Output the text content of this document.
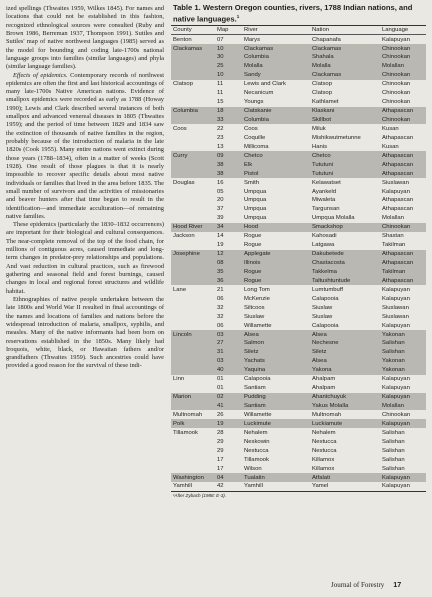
ized spellings (Thwaites 1959, Wilkes 1845). For names and locations that could not be established in this fashion, recognized ethnological sources were consulted (Ruby and Brown 1986, Berreman 1937, Thompson 1991). Suttles and Suttles' map of native northwest languages (1985) served as the model for bounding and coding late-1700s national language groups into families (similar languages) and phyla (similar language families).

Effects of epidemics. Contemporary records of northwest epidemics are often the first and last historical accountings of many late-1700s Native American nations. Evidence of smallpox epidemics were recorded as early as 1788 (Howay 1990); Lewis and Clark described several instances of both smallpox and advanced venereal diseases in 1805 (Thwaites 1959); and the period of time between 1829 and 1834 saw the extinction of thousands of native families in the region, probably because of the introduction of malaria in the late 1820s (Cook 1955). Many entire nations went extinct during those years (1788–1834), often in a matter of weeks (Scott 1928). One result of those plagues is that it is nearly impossible to recover specific details about most native individuals or families that lived in the area before 1835. The small number of survivors and the activities of missionaries and beaver hunters after that time began to result in the identification—and immediate acculturation—of remaining native families.

These epidemics (particularly the 1830–1832 occurrences) are important for their biological and cultural consequences. The near-complete removal of the top of the food chain, for millions of contiguous acres, caused immediate and long-term changes in predator-prey relationships and populations. And vast reduction in cultural practices, such as firewood gathering and seasonal field and forest burnings, caused changes in local and regional forest structures and wildlife habitat.

Ethnographies of native people undertaken between the late 1800s and World War II resulted in final accountings of the names and locations of families and nations before the widespread introduction of malaria, smallpox, syphilis, and measles. Many of the native informants had been born on reservations established in the 1850s. Many likely had Iroquois, white, black, or Hawaiian fathers and/or grandfathers (Thwaites 1959). Such ancestries could have provided a good reason for the survival of these indi-

Table 1. Western Oregon counties, rivers, 1788 Indian nations, and native languages.$^1$
County	Map	River	Nation	Language
Benton	07	Marys	Chapanafa	Kalapuyan
Clackamas	10	Clackamas	Clackamas	Chinookan
	30	Columbia	Shahala	Chinookan
	25	Molalla	Molalla	Molallan
	10	Sandy	Clackamas	Chinookan
Clatsop	11	Lewis and Clark	Clatsop	Chinookan
	11	Necanicum	Clatsop	Chinookan
	15	Youngs	Kathlamet	Chinookan
Columbia	18	Clatskanie	Klaskani	Athapascan
	33	Columbia	Skillbot	Chinookan
Coos	22	Coos	Miluk	Kusan
	23	Coquille	Mishikwutmetunne	Athapascan
	13	Millicoma	Hanis	Kusan
Curry	09	Chetco	Chetco	Athapascan
	38	Elk	Tututuni	Athapascan
	38	Pistol	Tututuni	Athapascan
Douglas	16	Smith	Kelawatset	Siuslawan
	05	Umpqua	Ayankeld	Kalapuyan
	20	Umpqua	Miwaleta	Athapascan
	37	Umpqua	Targunsan	Athapascan
	39	Umpqua	Umpqua Molalla	Molallan
Hood River	34	Hood	Smackshop	Chinookan
Jackson	14	Rogue	Kahosadi	Shastan
	19	Rogue	Latgawa	Takilman
Josephine	12	Applegate	Dakubetede	Athapascan
	08	Illinois	Chastacosta	Athapascan
	35	Rogue	Takkelma	Takilman
	36	Rogue	Taltushtuntude	Athapascan
Lane	21	Long Tom	Lumtumbuff	Kalapuyan
	06	McKenzie	Calapooia	Kalapuyan
	32	Siltcoos	Siuslaw	Siuslawan
	32	Siuslaw	Siuslaw	Siuslawan
	06	Willamette	Calapooia	Kalapuyan
Lincoln	03	Alsea	Alsea	Yakonan
	27	Salmon	Nechesne	Salishan
	31	Siletz	Siletz	Salishan
	03	Yachats	Alsea	Yakonan
	40	Yaquina	Yakona	Yakonan
Linn	01	Calapooia	Ahalpam	Kalapuyan
	01	Santiam	Ahalpam	Kalapuyan
Marion	02	Pudding	Ahantchuyuk	Kalapuyan
	41	Santiam	Yakus Molalla	Molallan
Multnomah	26	Willamette	Multnomah	Chinookan
Polk	19	Luckimute	Luckiamute	Kalapuyan
Tillamook	28	Nehalem	Nehalem	Salishan
	29	Neskowin	Nestucca	Salishan
	29	Nestucca	Nestucca	Salishan
	17	Tillamook	Killamox	Salishan
	17	Wilson	Killamox	Salishan
Washington	04	Tualatin	Atfalati	Kalapuyan
Yamhill	42	Yamhill	Yamel	Kalapuyan
¹After Zybach (1988: E-3).
Journal of Forestry 17
